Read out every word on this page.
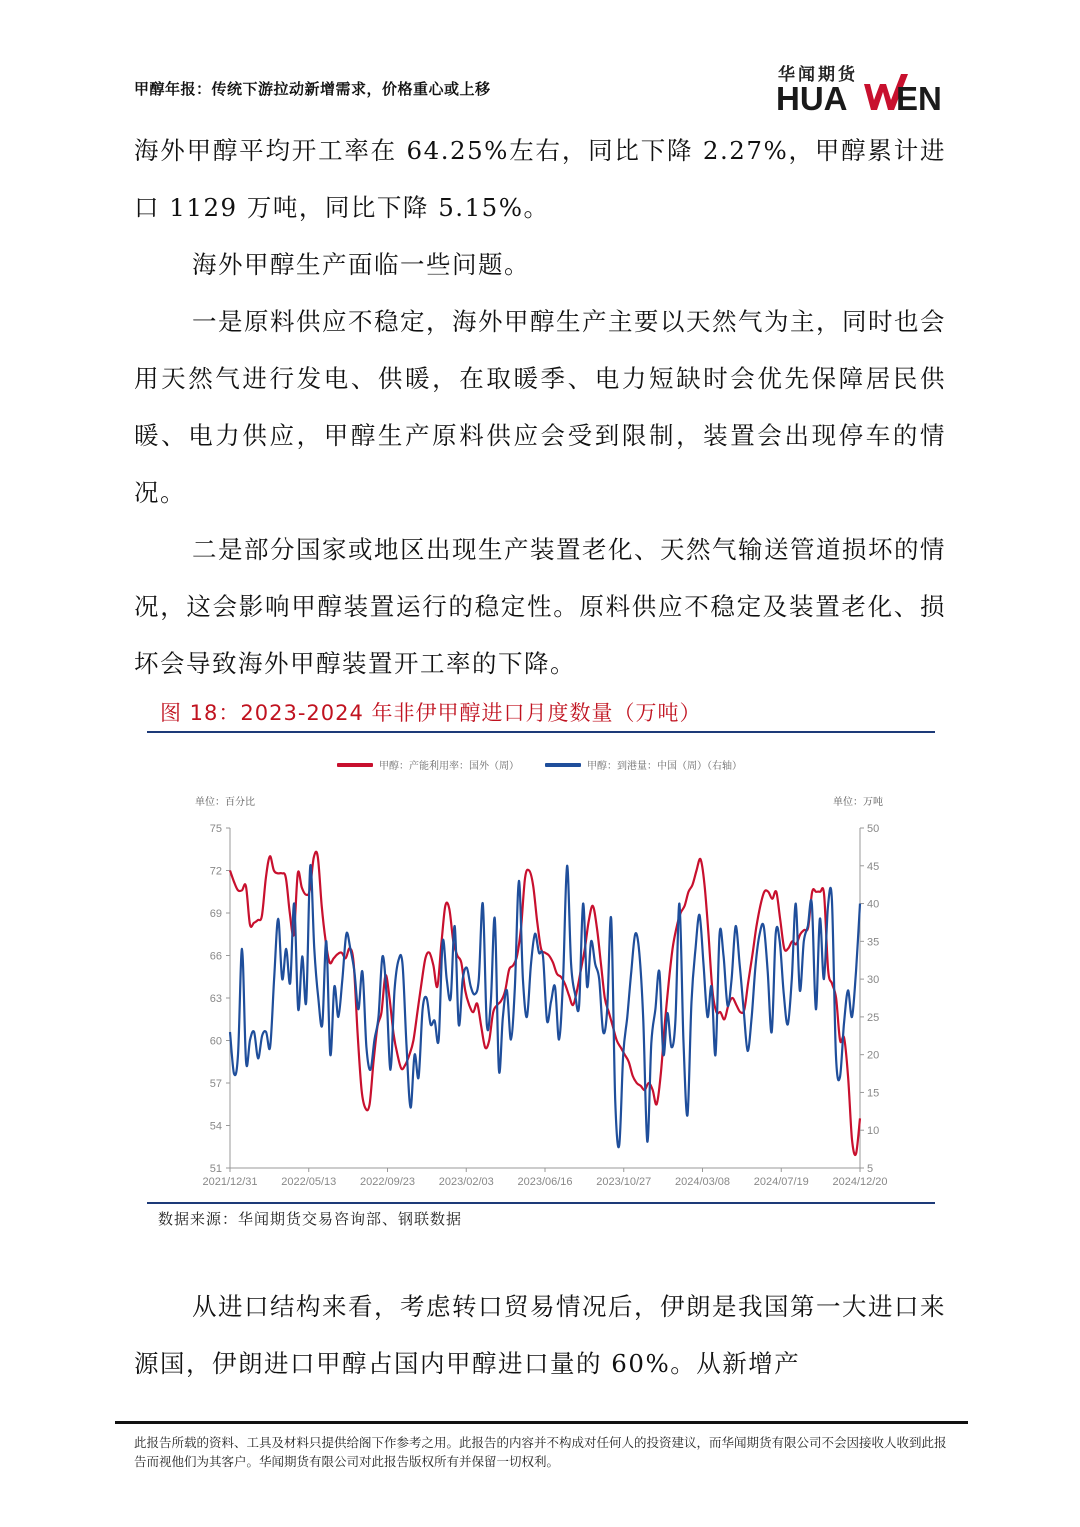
甲醇年报：传统下游拉动新增需求，价格重心或上移
华闻期货
HUA EN
海外甲醇平均开工率在 64.25%左右，同比下降 2.27%，甲醇累计进口 1129 万吨，同比下降 5.15%。
海外甲醇生产面临一些问题。
一是原料供应不稳定，海外甲醇生产主要以天然气为主，同时也会用天然气进行发电、供暖，在取暖季、电力短缺时会优先保障居民供暖、电力供应，甲醇生产原料供应会受到限制，装置会出现停车的情况。
二是部分国家或地区出现生产装置老化、天然气输送管道损坏的情况，这会影响甲醇装置运行的稳定性。原料供应不稳定及装置老化、损坏会导致海外甲醇装置开工率的下降。
图 18：2023-2024 年非伊甲醇进口月度数量（万吨）
甲醇：产能利用率：国外（周）	甲醇：到港量：中国（周）（右轴）
单位：百分比	单位：万吨
51
54
57
60
63
66
69
72
75
5
10
15
20
25
30
35
40
45
50
2021/12/31 2022/05/13 2022/09/23 2023/02/03 2023/06/16 2023/10/27 2024/03/08 2024/07/19 2024/12/20
数据来源：华闻期货交易咨询部、钢联数据
从进口结构来看，考虑转口贸易情况后，伊朗是我国第一大进口来源国，伊朗进口甲醇占国内甲醇进口量的 60%。从新增产
此报告所载的资料、工具及材料只提供给阁下作参考之用。此报告的内容并不构成对任何人的投资建议，而华闻期货有限公司不会因接收人收到此报告而视他们为其客户。华闻期货有限公司对此报告版权所有并保留一切权利。
